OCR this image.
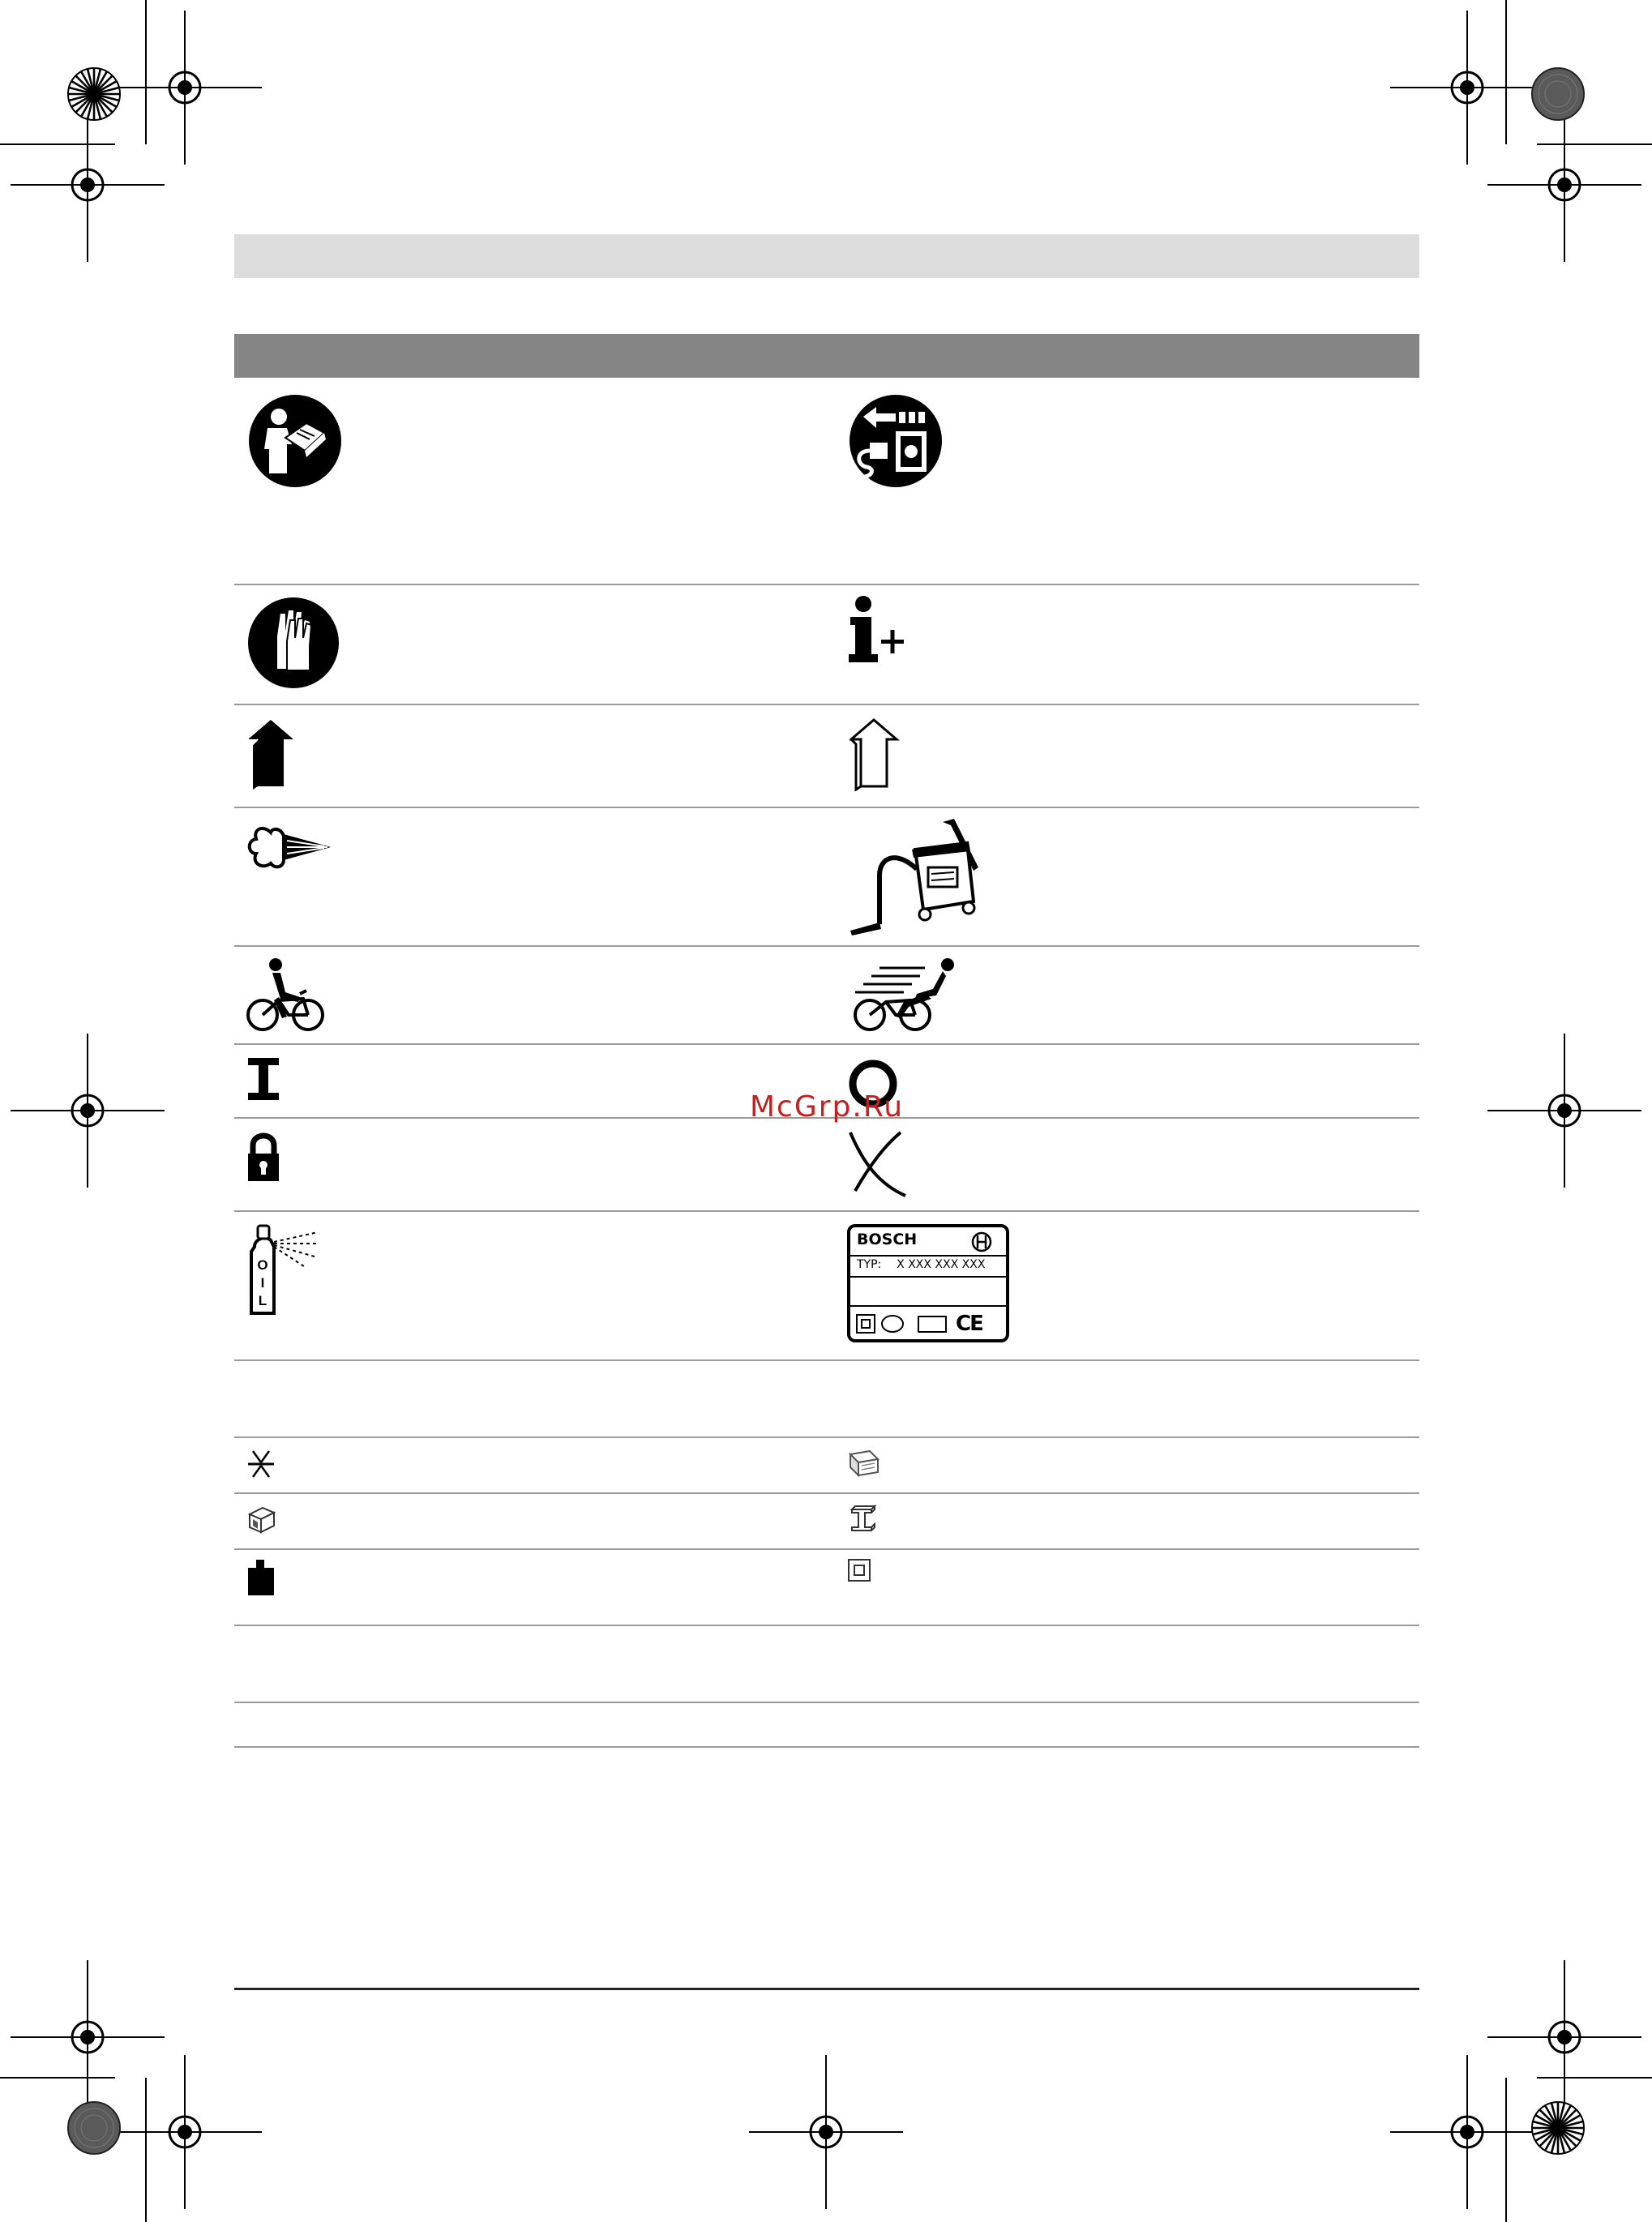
O
I
L
BOSCH
TYP: X XXX XXX XXX
CE
McGrp.Ru
